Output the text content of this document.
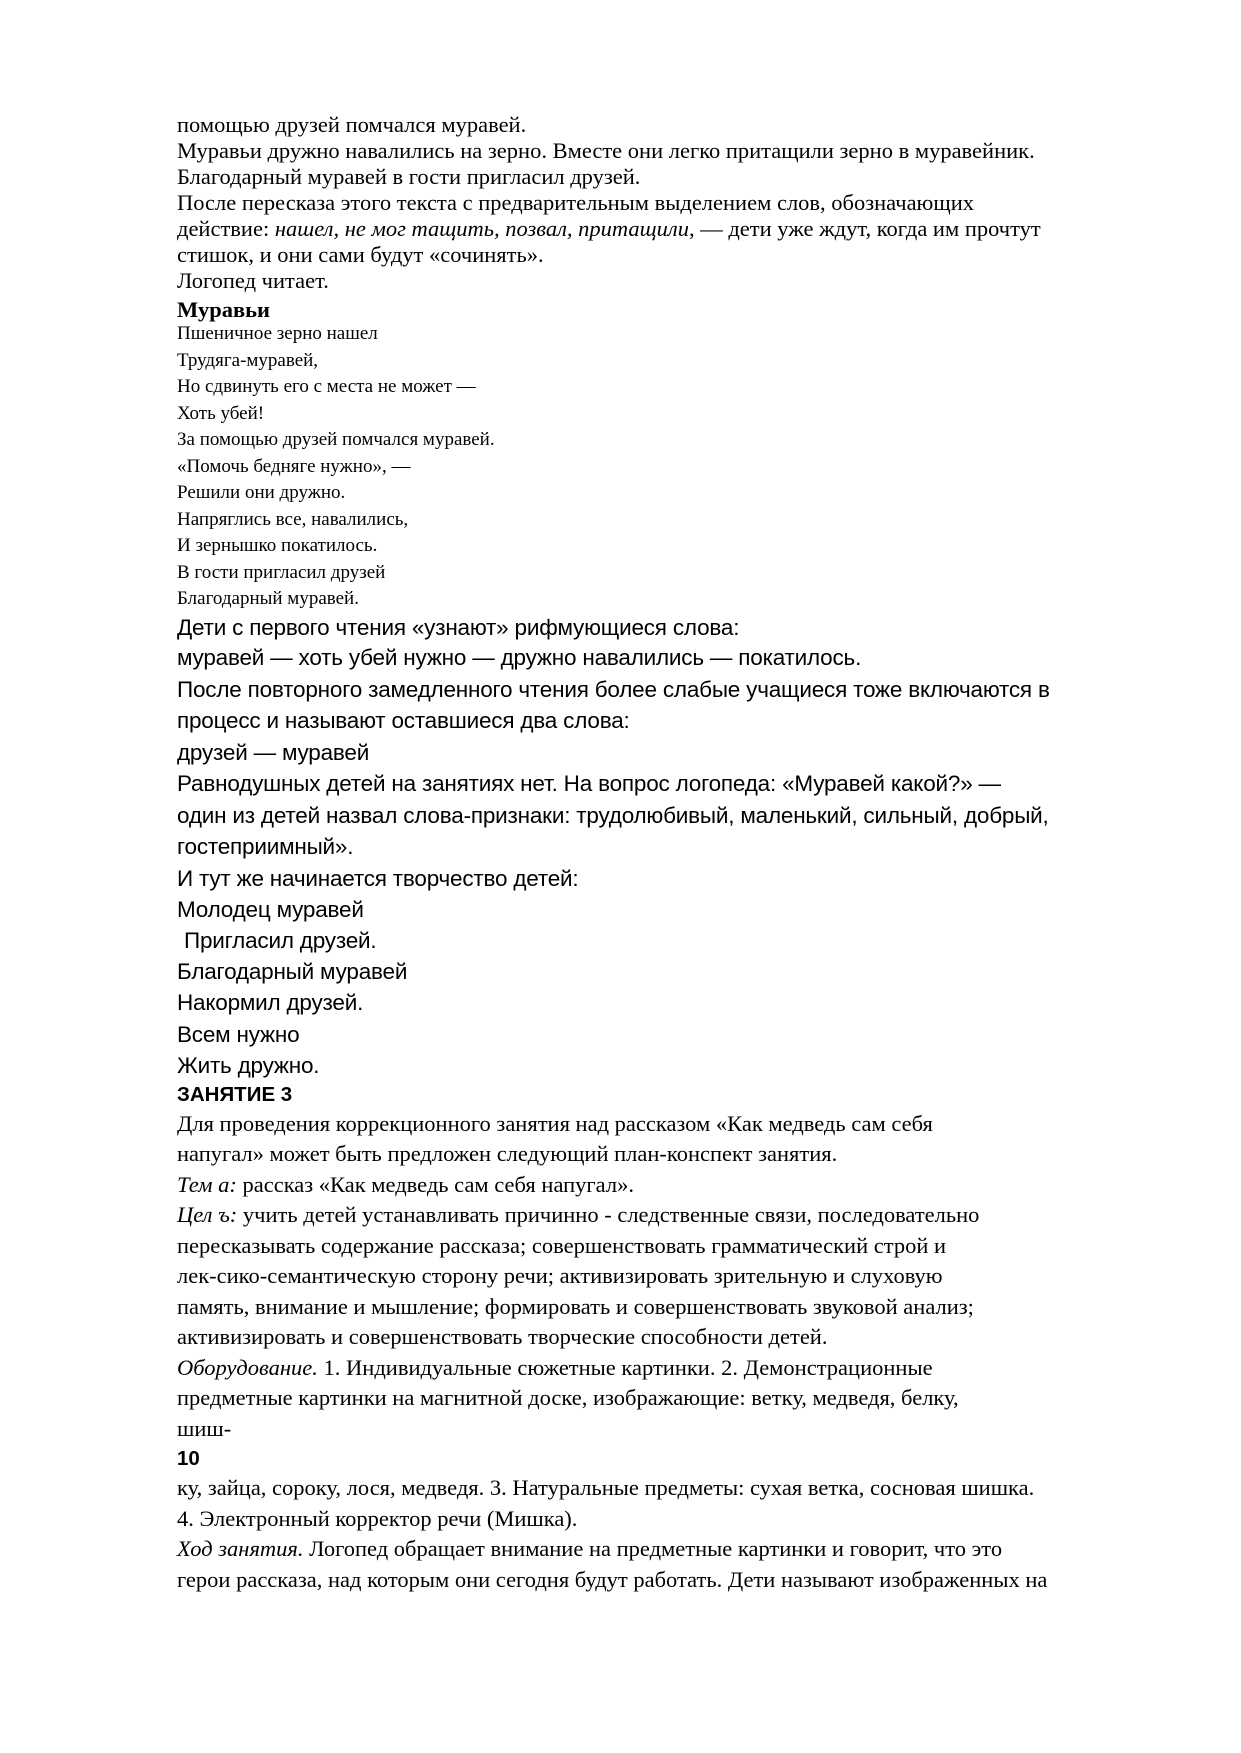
помощью друзей помчался муравей.
Муравьи дружно навалились на зерно. Вместе они легко притащили зерно в муравейник.
Благодарный муравей в гости пригласил друзей.
После пересказа этого текста с предварительным выделением слов, обозначающих
действие: нашел, не мог тащить, позвал, притащили, — дети уже ждут, когда им прочтут
стишок, и они сами будут «сочинять».
Логопед читает.
Муравьи
Пшеничное зерно нашел
Трудяга-муравей,
Но сдвинуть его с места не может —
Хоть убей!
За помощью друзей помчался муравей.
«Помочь бедняге нужно», —
Решили они дружно.
Напряглись все, навалились,
И зернышко покатилось.
В гости пригласил друзей
Благодарный муравей.
Дети с первого чтения «узнают» рифмующиеся слова:
муравей — хоть убей нужно — дружно навалились — покатилось.
После повторного замедленного чтения более слабые учащиеся тоже включаются в
процесс и называют оставшиеся два слова:
друзей — муравей
Равнодушных детей на занятиях нет. На вопрос логопеда: «Муравей какой?» —
один из детей назвал слова-признаки: трудолюбивый, маленький, сильный, добрый,
гостеприимный».
И тут же начинается творчество детей:
Молодец муравей
Пригласил друзей.
Благодарный муравей
Накормил друзей.
Всем нужно
Жить дружно.
ЗАНЯТИЕ 3
Для проведения коррекционного занятия над рассказом «Как медведь сам себя
напугал» может быть предложен следующий план-конспект занятия.
Тем а: рассказ «Как медведь сам себя напугал».
Цел ъ: учить детей устанавливать причинно - следственные связи, последовательно
пересказывать содержание рассказа; совершенствовать грамматический строй и
лек-сико-семантическую сторону речи; активизировать зрительную и слуховую
память, внимание и мышление; формировать и совершенствовать звуковой анализ;
активизировать и совершенствовать творческие способности детей.
Оборудование. 1. Индивидуальные сюжетные картинки. 2. Демонстрационные
предметные картинки на магнитной доске, изображающие: ветку, медведя, белку,
шиш-
10
ку, зайца, сороку, лося, медведя. 3. Натуральные предметы: сухая ветка, сосновая шишка.
4. Электронный корректор речи (Мишка).
Ход занятия. Логопед обращает внимание на предметные картинки и говорит, что это
герои рассказа, над которым они сегодня будут работать. Дети называют изображенных на
